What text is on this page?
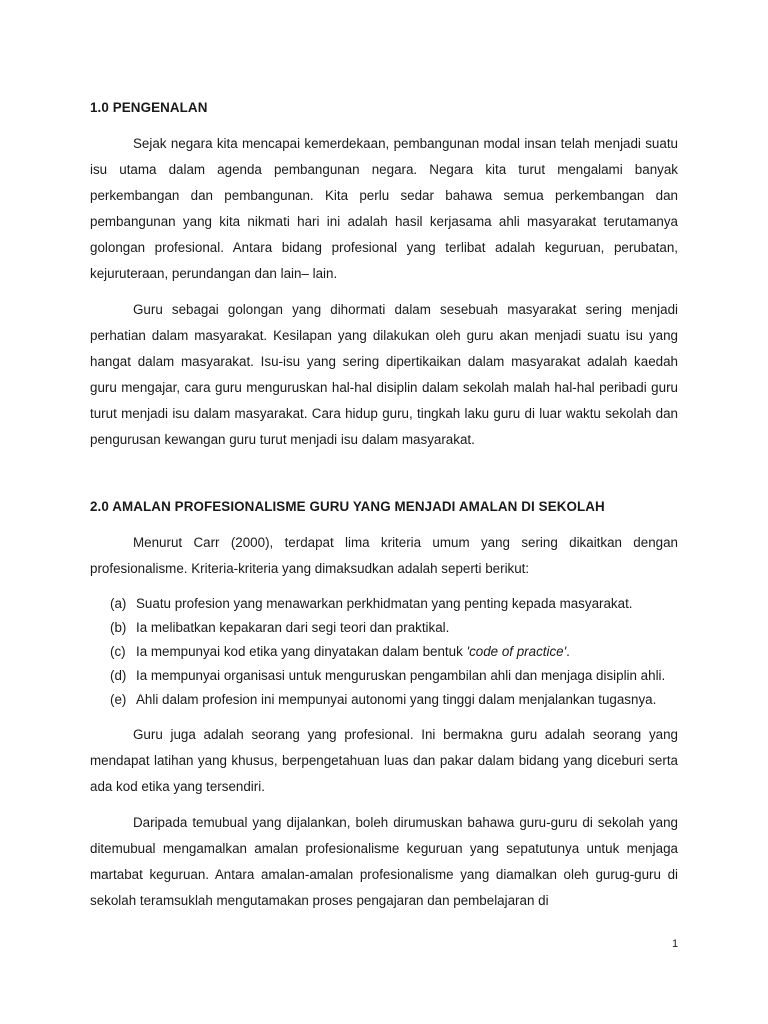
1.0 PENGENALAN

Sejak negara kita mencapai kemerdekaan, pembangunan modal insan telah menjadi suatu isu utama dalam agenda pembangunan negara. Negara kita turut mengalami banyak perkembangan dan pembangunan. Kita perlu sedar bahawa semua perkembangan dan pembangunan yang kita nikmati hari ini adalah hasil kerjasama ahli masyarakat terutamanya golongan profesional. Antara bidang profesional yang terlibat adalah keguruan, perubatan, kejuruteraan, perundangan dan lain– lain.

Guru sebagai golongan yang dihormati dalam sesebuah masyarakat sering menjadi perhatian dalam masyarakat. Kesilapan yang dilakukan oleh guru akan menjadi suatu isu yang hangat dalam masyarakat. Isu-isu yang sering dipertikaikan dalam masyarakat adalah kaedah guru mengajar, cara guru menguruskan hal-hal disiplin dalam sekolah malah hal-hal peribadi guru turut menjadi isu dalam masyarakat. Cara hidup guru, tingkah laku guru di luar waktu sekolah dan pengurusan kewangan guru turut menjadi isu dalam masyarakat.

2.0 AMALAN PROFESIONALISME GURU YANG MENJADI AMALAN DI SEKOLAH

Menurut Carr (2000), terdapat lima kriteria umum yang sering dikaitkan dengan profesionalisme. Kriteria-kriteria yang dimaksudkan adalah seperti berikut:

(a) Suatu profesion yang menawarkan perkhidmatan yang penting kepada masyarakat.
(b) Ia melibatkan kepakaran dari segi teori dan praktikal.
(c) Ia mempunyai kod etika yang dinyatakan dalam bentuk 'code of practice'.
(d) Ia mempunyai organisasi untuk menguruskan pengambilan ahli dan menjaga disiplin ahli.
(e) Ahli dalam profesion ini mempunyai autonomi yang tinggi dalam menjalankan tugasnya.

Guru juga adalah seorang yang profesional. Ini bermakna guru adalah seorang yang mendapat latihan yang khusus, berpengetahuan luas dan pakar dalam bidang yang diceburi serta ada kod etika yang tersendiri.

Daripada temubual yang dijalankan, boleh dirumuskan bahawa guru-guru di sekolah yang ditemubual mengamalkan amalan profesionalisme keguruan yang sepatutunya untuk menjaga martabat keguruan. Antara amalan-amalan profesionalisme yang diamalkan oleh gurug-guru di sekolah teramsuklah mengutamakan proses pengajaran dan pembelajaran di

1
